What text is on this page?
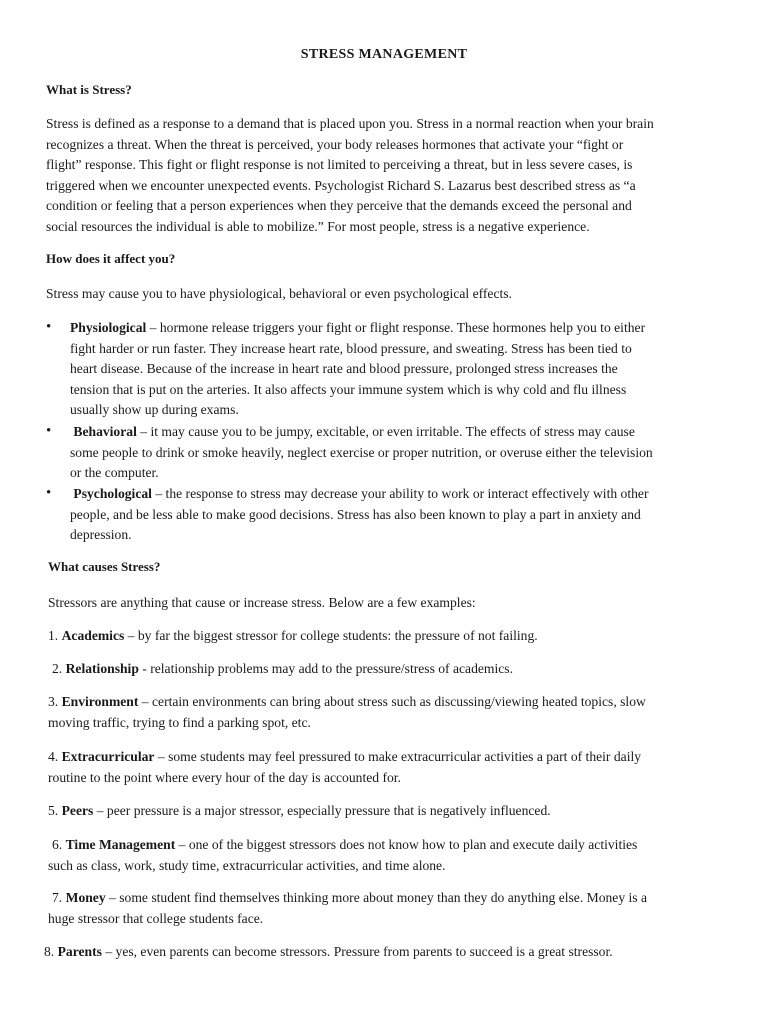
STRESS MANAGEMENT

What is Stress?

Stress is defined as a response to a demand that is placed upon you. Stress in a normal reaction when your brain

recognizes a threat. When the threat is perceived, your body releases hormones that activate your “fight or

flight” response. This fight or flight response is not limited to perceiving a threat, but in less severe cases, is

triggered when we encounter unexpected events. Psychologist Richard S. Lazarus best described stress as “a

condition or feeling that a person experiences when they perceive that the demands exceed the personal and

social resources the individual is able to mobilize.” For most people, stress is a negative experience.

How does it affect you?

Stress may cause you to have physiological, behavioral or even psychological effects.

• Physiological – hormone release triggers your fight or flight response. These hormones help you to either

fight harder or run faster. They increase heart rate, blood pressure, and sweating. Stress has been tied to

heart disease. Because of the increase in heart rate and blood pressure, prolonged stress increases the

tension that is put on the arteries. It also affects your immune system which is why cold and flu illness

usually show up during exams.

• Behavioral – it may cause you to be jumpy, excitable, or even irritable. The effects of stress may cause

some people to drink or smoke heavily, neglect exercise or proper nutrition, or overuse either the television

or the computer.

• Psychological – the response to stress may decrease your ability to work or interact effectively with other

people, and be less able to make good decisions. Stress has also been known to play a part in anxiety and

depression.

What causes Stress?

Stressors are anything that cause or increase stress. Below are a few examples:

1. Academics – by far the biggest stressor for college students: the pressure of not failing.

2. Relationship - relationship problems may add to the pressure/stress of academics.

3. Environment – certain environments can bring about stress such as discussing/viewing heated topics, slow

moving traffic, trying to find a parking spot, etc.

4. Extracurricular – some students may feel pressured to make extracurricular activities a part of their daily

routine to the point where every hour of the day is accounted for.

5. Peers – peer pressure is a major stressor, especially pressure that is negatively influenced.

6. Time Management – one of the biggest stressors does not know how to plan and execute daily activities

such as class, work, study time, extracurricular activities, and time alone.

7. Money – some student find themselves thinking more about money than they do anything else. Money is a

huge stressor that college students face.

8. Parents – yes, even parents can become stressors. Pressure from parents to succeed is a great stressor.
